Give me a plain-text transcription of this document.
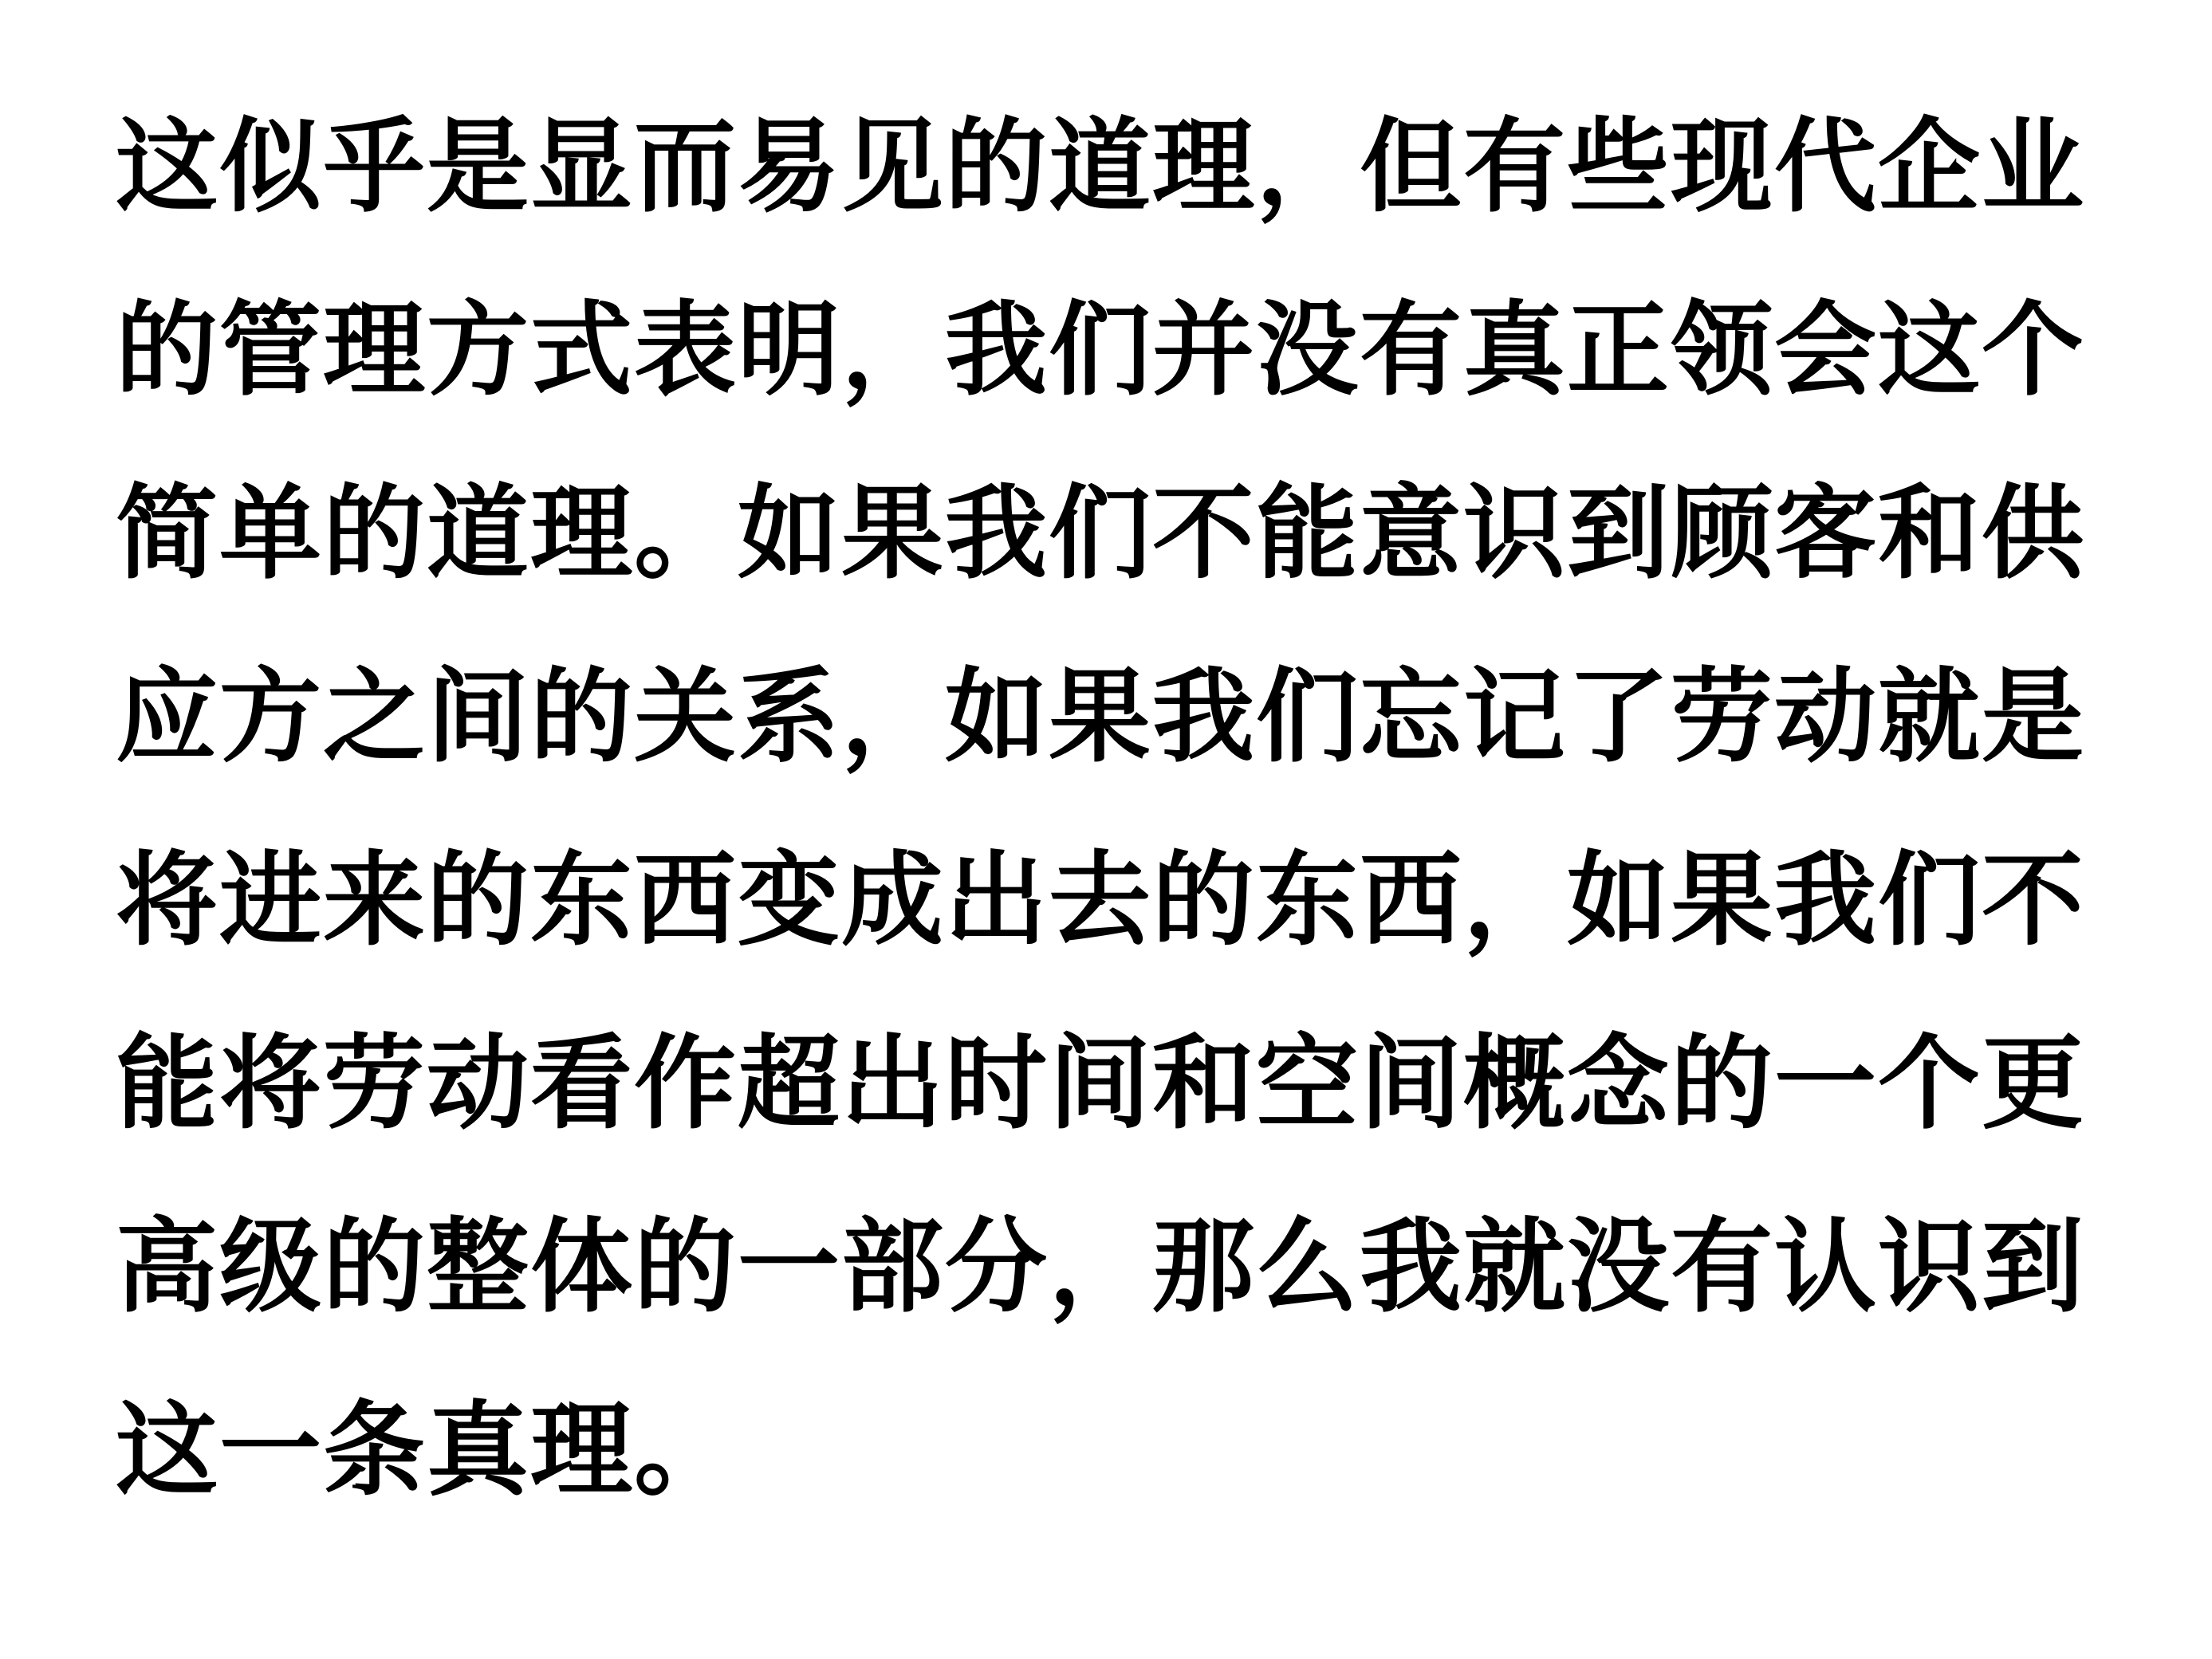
这似乎是显而易见的道理，但有些现代企业

的管理方式表明，我们并没有真正领会这个

简单的道理。如果我们不能意识到顾客和供

应方之间的关系，如果我们忘记了劳动就是

将进来的东西变成出去的东西，如果我们不

能将劳动看作超出时间和空间概念的一个更

高级的整体的一部分，那么我就没有认识到

这一条真理。
